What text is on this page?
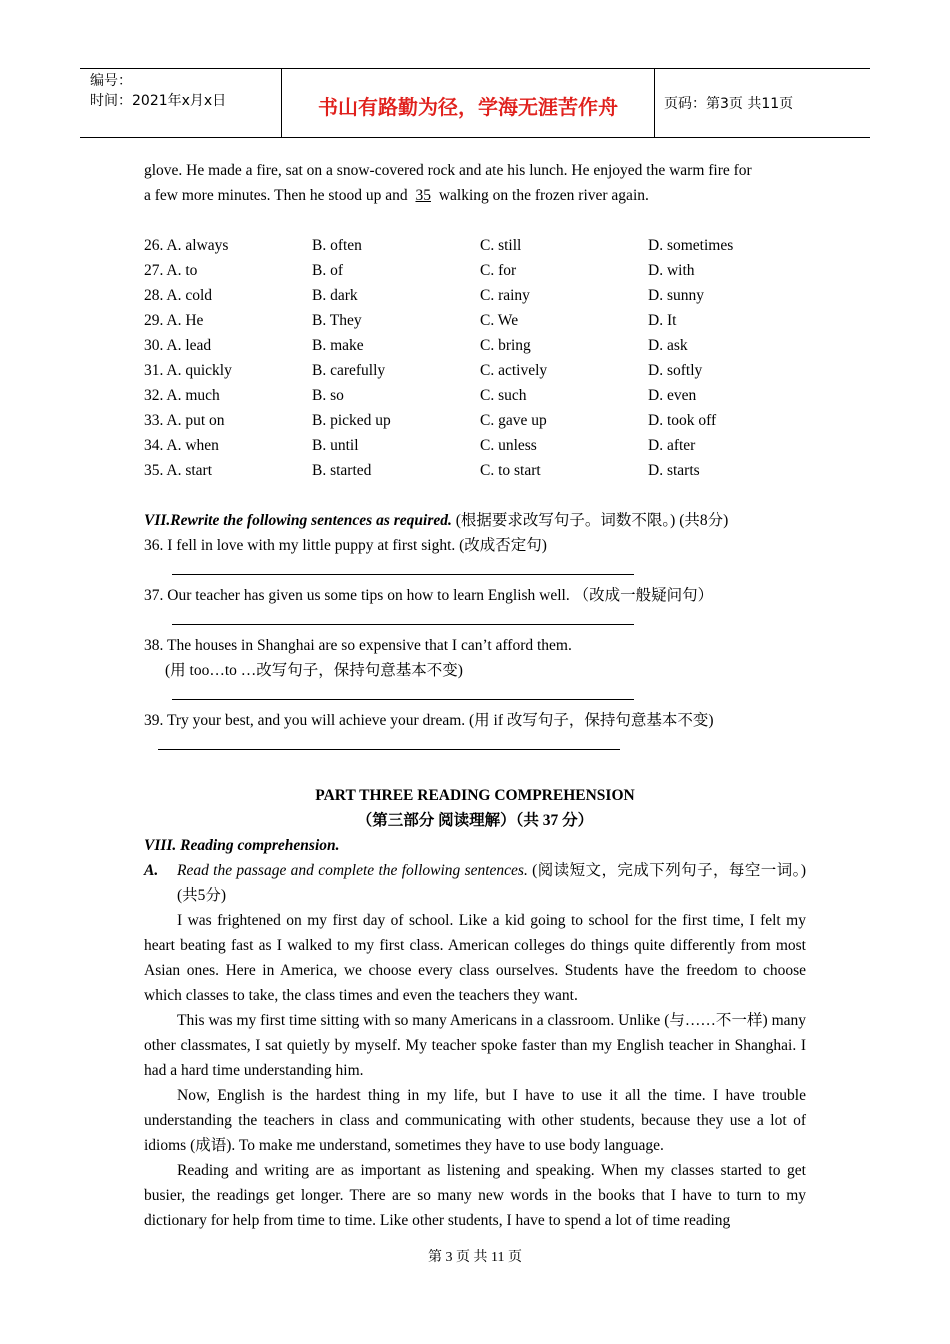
编号：
时间：2021年x月x日	书山有路勤为径，学海无涯苦作舟	页码：第3页 共11页

glove. He made a fire, sat on a snow-covered rock and ate his lunch. He enjoyed the warm fire for

a few more minutes. Then he stood up and 35 walking on the frozen river again.

26. A. always	B. often	C. still	D. sometimes
27. A. to	B. of	C. for	D. with
28. A. cold	B. dark	C. rainy	D. sunny
29. A. He	B. They	C. We	D. It
30. A. lead	B. make	C. bring	D. ask
31. A. quickly	B. carefully	C. actively	D. softly
32. A. much	B. so	C. such	D. even
33. A. put on	B. picked up	C. gave up	D. took off
34. A. when	B. until	C. unless	D. after
35. A. start	B. started	C. to start	D. starts

VII.Rewrite the following sentences as required. (根据要求改写句子。词数不限。) (共8分)

36. I fell in love with my little puppy at first sight. (改成否定句)

37. Our teacher has given us some tips on how to learn English well. （改成一般疑问句）

38. The houses in Shanghai are so expensive that I can’t afford them.

(用 too…to …改写句子，保持句意基本不变)

39. Try your best, and you will achieve your dream. (用 if 改写句子，保持句意基本不变)

PART THREE READING COMPREHENSION

（第三部分 阅读理解）（共 37 分）

VIII. Reading comprehension.

A. Read the passage and complete the following sentences. (阅读短文，完成下列句子，每空一词。) (共5分)

I was frightened on my first day of school. Like a kid going to school for the first time, I felt my heart beating fast as I walked to my first class. American colleges do things quite differently from most Asian ones. Here in America, we choose every class ourselves. Students have the freedom to choose which classes to take, the class times and even the teachers they want.

This was my first time sitting with so many Americans in a classroom. Unlike (与……不一样) many other classmates, I sat quietly by myself. My teacher spoke faster than my English teacher in Shanghai. I had a hard time understanding him.

Now, English is the hardest thing in my life, but I have to use it all the time. I have trouble understanding the teachers in class and communicating with other students, because they use a lot of idioms (成语). To make me understand, sometimes they have to use body language.

Reading and writing are as important as listening and speaking. When my classes started to get busier, the readings get longer. There are so many new words in the books that I have to turn to my dictionary for help from time to time. Like other students, I have to spend a lot of time reading

第 3 页 共 11 页
